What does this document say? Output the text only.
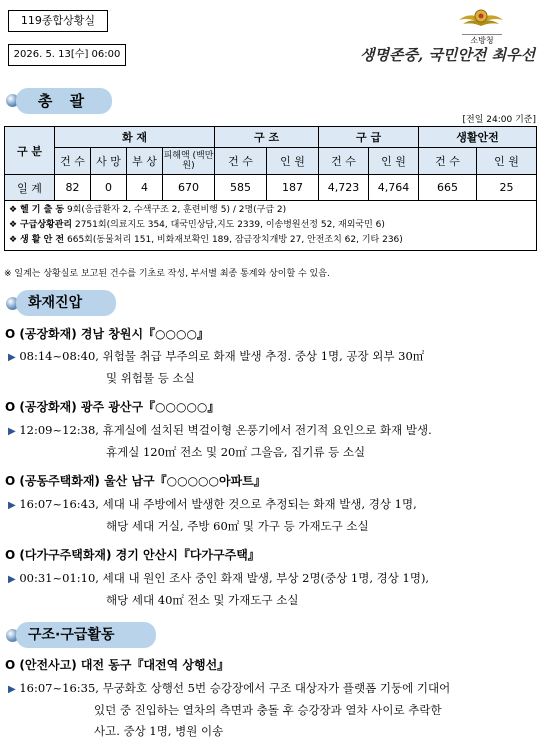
119종합상황실
2026. 5. 13[수] 06:00
소방청
생명존중, 국민안전 최우선
총 괄
[전일 24:00 기준]
구 분	화 재				구 조		구 급		생활안전	
	건 수	사 망	부 상	피해액 (백만원)	건 수	인 원	건 수	인 원	건 수	인 원
일 계	82	0	4	670	585	187	4,723	4,764	665	25

❖ 헬 기 출 동 9회(응급환자 2, 수색구조 2, 훈련비행 5) / 2명(구급 2)
❖ 구급상황관리 2751회(의료지도 354, 대국민상담,지도 2339, 이송병원선정 52, 재외국민 6)
❖ 생 활 안 전 665회(동물처리 151, 비화재보확인 189, 잠금장치개방 27, 안전조치 62, 기타 236)										
※ 일계는 상황실로 보고된 건수를 기초로 작성, 부서별 최종 통계와 상이할 수 있음.
화재진압
O (공장화재) 경남 창원시『○○○○』
▶ 08:14~08:40, 위험물 취급 부주의로 화재 발생 추정. 중상 1명, 공장 외부 30㎡
및 위험물 등 소실
O (공장화재) 광주 광산구『○○○○○』
▶ 12:09~12:38, 휴게실에 설치된 벽걸이형 온풍기에서 전기적 요인으로 화재 발생.
휴게실 120㎡ 전소 및 20㎡ 그을음, 집기류 등 소실
O (공동주택화재) 울산 남구『○○○○○아파트』
▶ 16:07~16:43, 세대 내 주방에서 발생한 것으로 추정되는 화재 발생, 경상 1명,
해당 세대 거실, 주방 60㎡ 및 가구 등 가재도구 소실
O (다가구주택화재) 경기 안산시『다가구주택』
▶ 00:31~01:10, 세대 내 원인 조사 중인 화재 발생, 부상 2명(중상 1명, 경상 1명),
해당 세대 40㎡ 전소 및 가재도구 소실
구조·구급활동
O (안전사고) 대전 동구『대전역 상행선』
▶ 16:07~16:35, 무궁화호 상행선 5번 승강장에서 구조 대상자가 플랫폼 기둥에 기대어
있던 중 진입하는 열차의 측면과 충돌 후 승강장과 열차 사이로 추락한
사고. 중상 1명, 병원 이송
